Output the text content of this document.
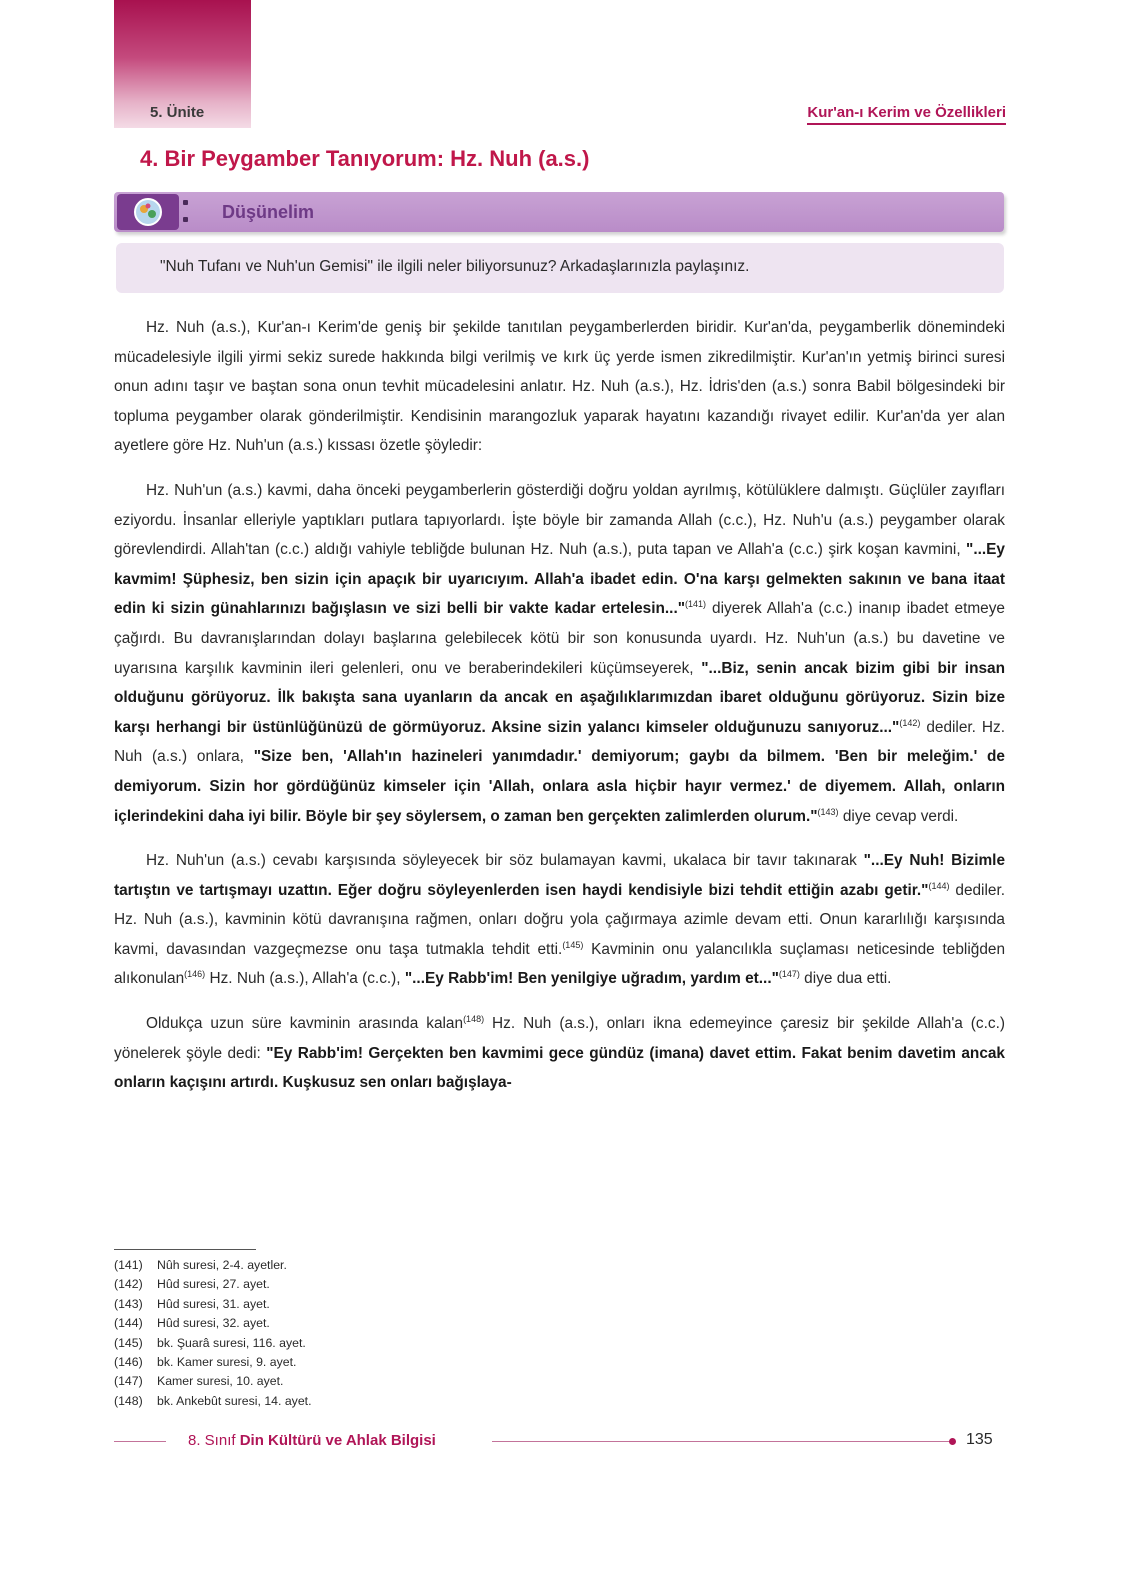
5. Ünite	Kur'an-ı Kerim ve Özellikleri
4. Bir Peygamber Tanıyorum: Hz. Nuh (a.s.)
Düşünelim
"Nuh Tufanı ve Nuh'un Gemisi" ile ilgili neler biliyorsunuz? Arkadaşlarınızla paylaşınız.

Hz. Nuh (a.s.), Kur'an-ı Kerim'de geniş bir şekilde tanıtılan peygamberlerden biridir. Kur'an'da, peygamberlik dönemindeki mücadelesiyle ilgili yirmi sekiz surede hakkında bilgi verilmiş ve kırk üç yerde ismen zikredilmiştir. Kur'an'ın yetmiş birinci suresi onun adını taşır ve baştan sona onun tevhit mücadelesini anlatır. Hz. Nuh (a.s.), Hz. İdris'den (a.s.) sonra Babil bölgesindeki bir topluma peygamber olarak gönderilmiştir. Kendisinin marangozluk yaparak hayatını kazandığı rivayet edilir. Kur'an'da yer alan ayetlere göre Hz. Nuh'un (a.s.) kıssası özetle şöyledir:

Hz. Nuh'un (a.s.) kavmi, daha önceki peygamberlerin gösterdiği doğru yoldan ayrılmış, kötülüklere dalmıştı. Güçlüler zayıfları eziyordu. İnsanlar elleriyle yaptıkları putlara tapıyorlardı. İşte böyle bir zamanda Allah (c.c.), Hz. Nuh'u (a.s.) peygamber olarak görevlendirdi. Allah'tan (c.c.) aldığı vahiyle tebliğde bulunan Hz. Nuh (a.s.), puta tapan ve Allah'a (c.c.) şirk koşan kavmini, "...Ey kavmim! Şüphesiz, ben sizin için apaçık bir uyarıcıyım. Allah'a ibadet edin. O'na karşı gelmekten sakının ve bana itaat edin ki sizin günahlarınızı bağışlasın ve sizi belli bir vakte kadar ertelesin..."$^{(141)}$ diyerek Allah'a (c.c.) inanıp ibadet etmeye çağırdı. Bu davranışlarından dolayı başlarına gelebilecek kötü bir son konusunda uyardı. Hz. Nuh'un (a.s.) bu davetine ve uyarısına karşılık kavminin ileri gelenleri, onu ve beraberindekileri küçümseyerek, "...Biz, senin ancak bizim gibi bir insan olduğunu görüyoruz. İlk bakışta sana uyanların da ancak en aşağılıklarımızdan ibaret olduğunu görüyoruz. Sizin bize karşı herhangi bir üstünlüğünüzü de görmüyoruz. Aksine sizin yalancı kimseler olduğunuzu sanıyoruz..."$^{(142)}$ dediler. Hz. Nuh (a.s.) onlara, "Size ben, 'Allah'ın hazineleri yanımdadır.' demiyorum; gaybı da bilmem. 'Ben bir meleğim.' de demiyorum. Sizin hor gördüğünüz kimseler için 'Allah, onlara asla hiçbir hayır vermez.' de diyemem. Allah, onların içlerindekini daha iyi bilir. Böyle bir şey söylersem, o zaman ben gerçekten zalimlerden olurum."$^{(143)}$ diye cevap verdi.

Hz. Nuh'un (a.s.) cevabı karşısında söyleyecek bir söz bulamayan kavmi, ukalaca bir tavır takınarak "...Ey Nuh! Bizimle tartıştın ve tartışmayı uzattın. Eğer doğru söyleyenlerden isen haydi kendisiyle bizi tehdit ettiğin azabı getir."$^{(144)}$ dediler. Hz. Nuh (a.s.), kavminin kötü davranışına rağmen, onları doğru yola çağırmaya azimle devam etti. Onun kararlılığı karşısında kavmi, davasından vazgeçmezse onu taşa tutmakla tehdit etti.$^{(145)}$ Kavminin onu yalancılıkla suçlaması neticesinde tebliğden alıkonulan$^{(146)}$ Hz. Nuh (a.s.), Allah'a (c.c.), "...Ey Rabb'im! Ben yenilgiye uğradım, yardım et..."$^{(147)}$ diye dua etti.

Oldukça uzun süre kavminin arasında kalan$^{(148)}$ Hz. Nuh (a.s.), onları ikna edemeyince çaresiz bir şekilde Allah'a (c.c.) yönelerek şöyle dedi: "Ey Rabb'im! Gerçekten ben kavmimi gece gündüz (imana) davet ettim. Fakat benim davetim ancak onların kaçışını artırdı. Kuşkusuz sen onları bağışlaya-

(141) Nûh suresi, 2-4. ayetler.
(142) Hûd suresi, 27. ayet.
(143) Hûd suresi, 31. ayet.
(144) Hûd suresi, 32. ayet.
(145) bk. Şuarâ suresi, 116. ayet.
(146) bk. Kamer suresi, 9. ayet.
(147) Kamer suresi, 10. ayet.
(148) bk. Ankebût suresi, 14. ayet.
8. Sınıf Din Kültürü ve Ahlak Bilgisi	135
